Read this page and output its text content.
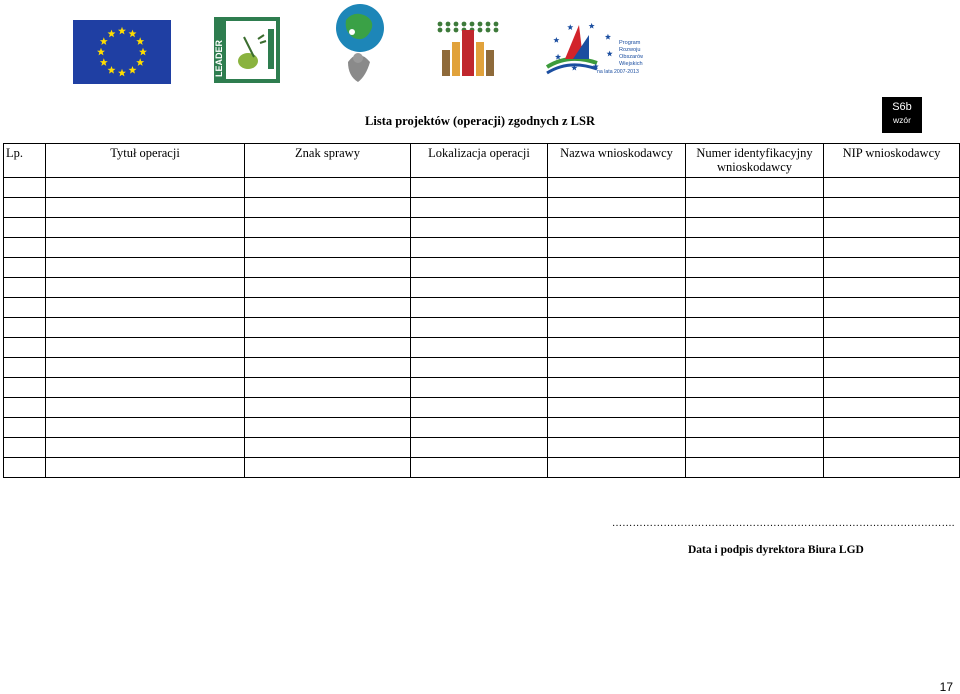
LEADER	Program
Rozwoju
Obszarów
Wiejskich
na lata 2007-2013
Lista projektów (operacji) zgodnych z LSR
S6b
wzór
Lp.	Tytuł operacji	Znak sprawy	Lokalizacja operacji	Nazwa wnioskodawcy	Numer identyfikacyjny wnioskodawcy	NIP wnioskodawcy

……………………………………………………………………………………….
Data i podpis dyrektora Biura LGD
17
